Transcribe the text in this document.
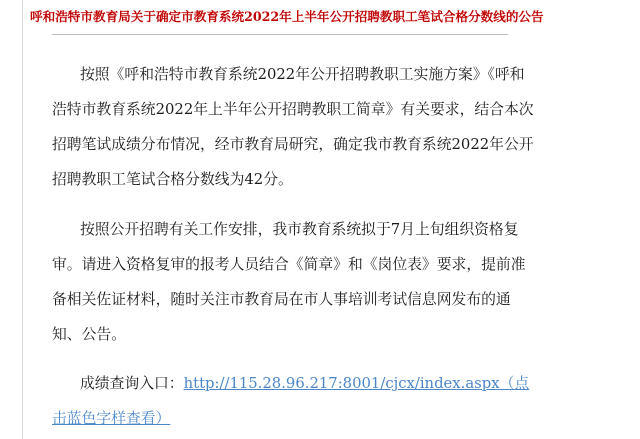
呼和浩特市教育局关于确定市教育系统2022年上半年公开招聘教职工笔试合格分数线的公告
按照《呼和浩特市教育系统2022年公开招聘教职工实施方案》《呼和
浩特市教育系统2022年上半年公开招聘教职工简章》有关要求，结合本次
招聘笔试成绩分布情况，经市教育局研究，确定我市教育系统2022年公开
招聘教职工笔试合格分数线为42分。
按照公开招聘有关工作安排，我市教育系统拟于7月上旬组织资格复
审。请进入资格复审的报考人员结合《简章》和《岗位表》要求，提前准
备相关佐证材料，随时关注市教育局在市人事培训考试信息网发布的通
知、公告。
成绩查询入口：http://115.28.96.217:8001/cjcx/index.aspx（点
击蓝色字样查看）
